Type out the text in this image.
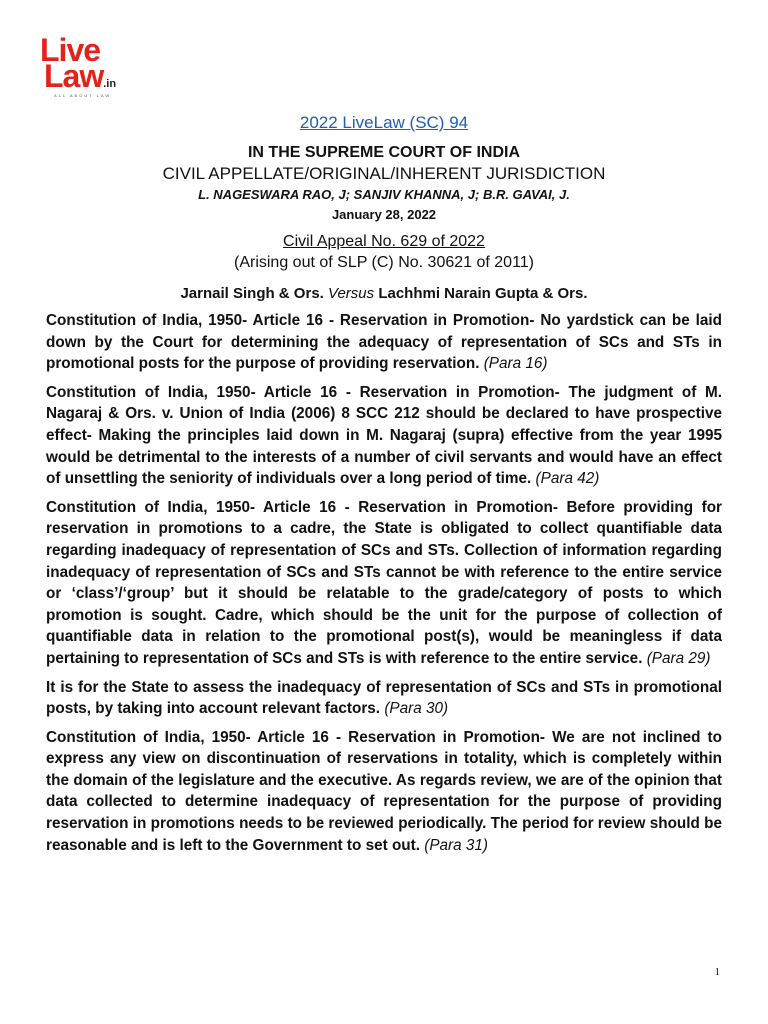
Live
Law.in
ALL ABOUT LAW
2022 LiveLaw (SC) 94
IN THE SUPREME COURT OF INDIA
CIVIL APPELLATE/ORIGINAL/INHERENT JURISDICTION
L. NAGESWARA RAO, J; SANJIV KHANNA, J; B.R. GAVAI, J.
January 28, 2022
Civil Appeal No. 629 of 2022
(Arising out of SLP (C) No. 30621 of 2011)
Jarnail Singh & Ors. Versus Lachhmi Narain Gupta & Ors.

Constitution of India, 1950- Article 16 - Reservation in Promotion- No yardstick can be laid down by the Court for determining the adequacy of representation of SCs and STs in promotional posts for the purpose of providing reservation. (Para 16)

Constitution of India, 1950- Article 16 - Reservation in Promotion- The judgment of M. Nagaraj & Ors. v. Union of India (2006) 8 SCC 212 should be declared to have prospective effect- Making the principles laid down in M. Nagaraj (supra) effective from the year 1995 would be detrimental to the interests of a number of civil servants and would have an effect of unsettling the seniority of individuals over a long period of time. (Para 42)

Constitution of India, 1950- Article 16 - Reservation in Promotion- Before providing for reservation in promotions to a cadre, the State is obligated to collect quantifiable data regarding inadequacy of representation of SCs and STs. Collection of information regarding inadequacy of representation of SCs and STs cannot be with reference to the entire service or ‘class’/‘group’ but it should be relatable to the grade/category of posts to which promotion is sought. Cadre, which should be the unit for the purpose of collection of quantifiable data in relation to the promotional post(s), would be meaningless if data pertaining to representation of SCs and STs is with reference to the entire service. (Para 29)

It is for the State to assess the inadequacy of representation of SCs and STs in promotional posts, by taking into account relevant factors. (Para 30)

Constitution of India, 1950- Article 16 - Reservation in Promotion- We are not inclined to express any view on discontinuation of reservations in totality, which is completely within the domain of the legislature and the executive. As regards review, we are of the opinion that data collected to determine inadequacy of representation for the purpose of providing reservation in promotions needs to be reviewed periodically. The period for review should be reasonable and is left to the Government to set out. (Para 31)

1
